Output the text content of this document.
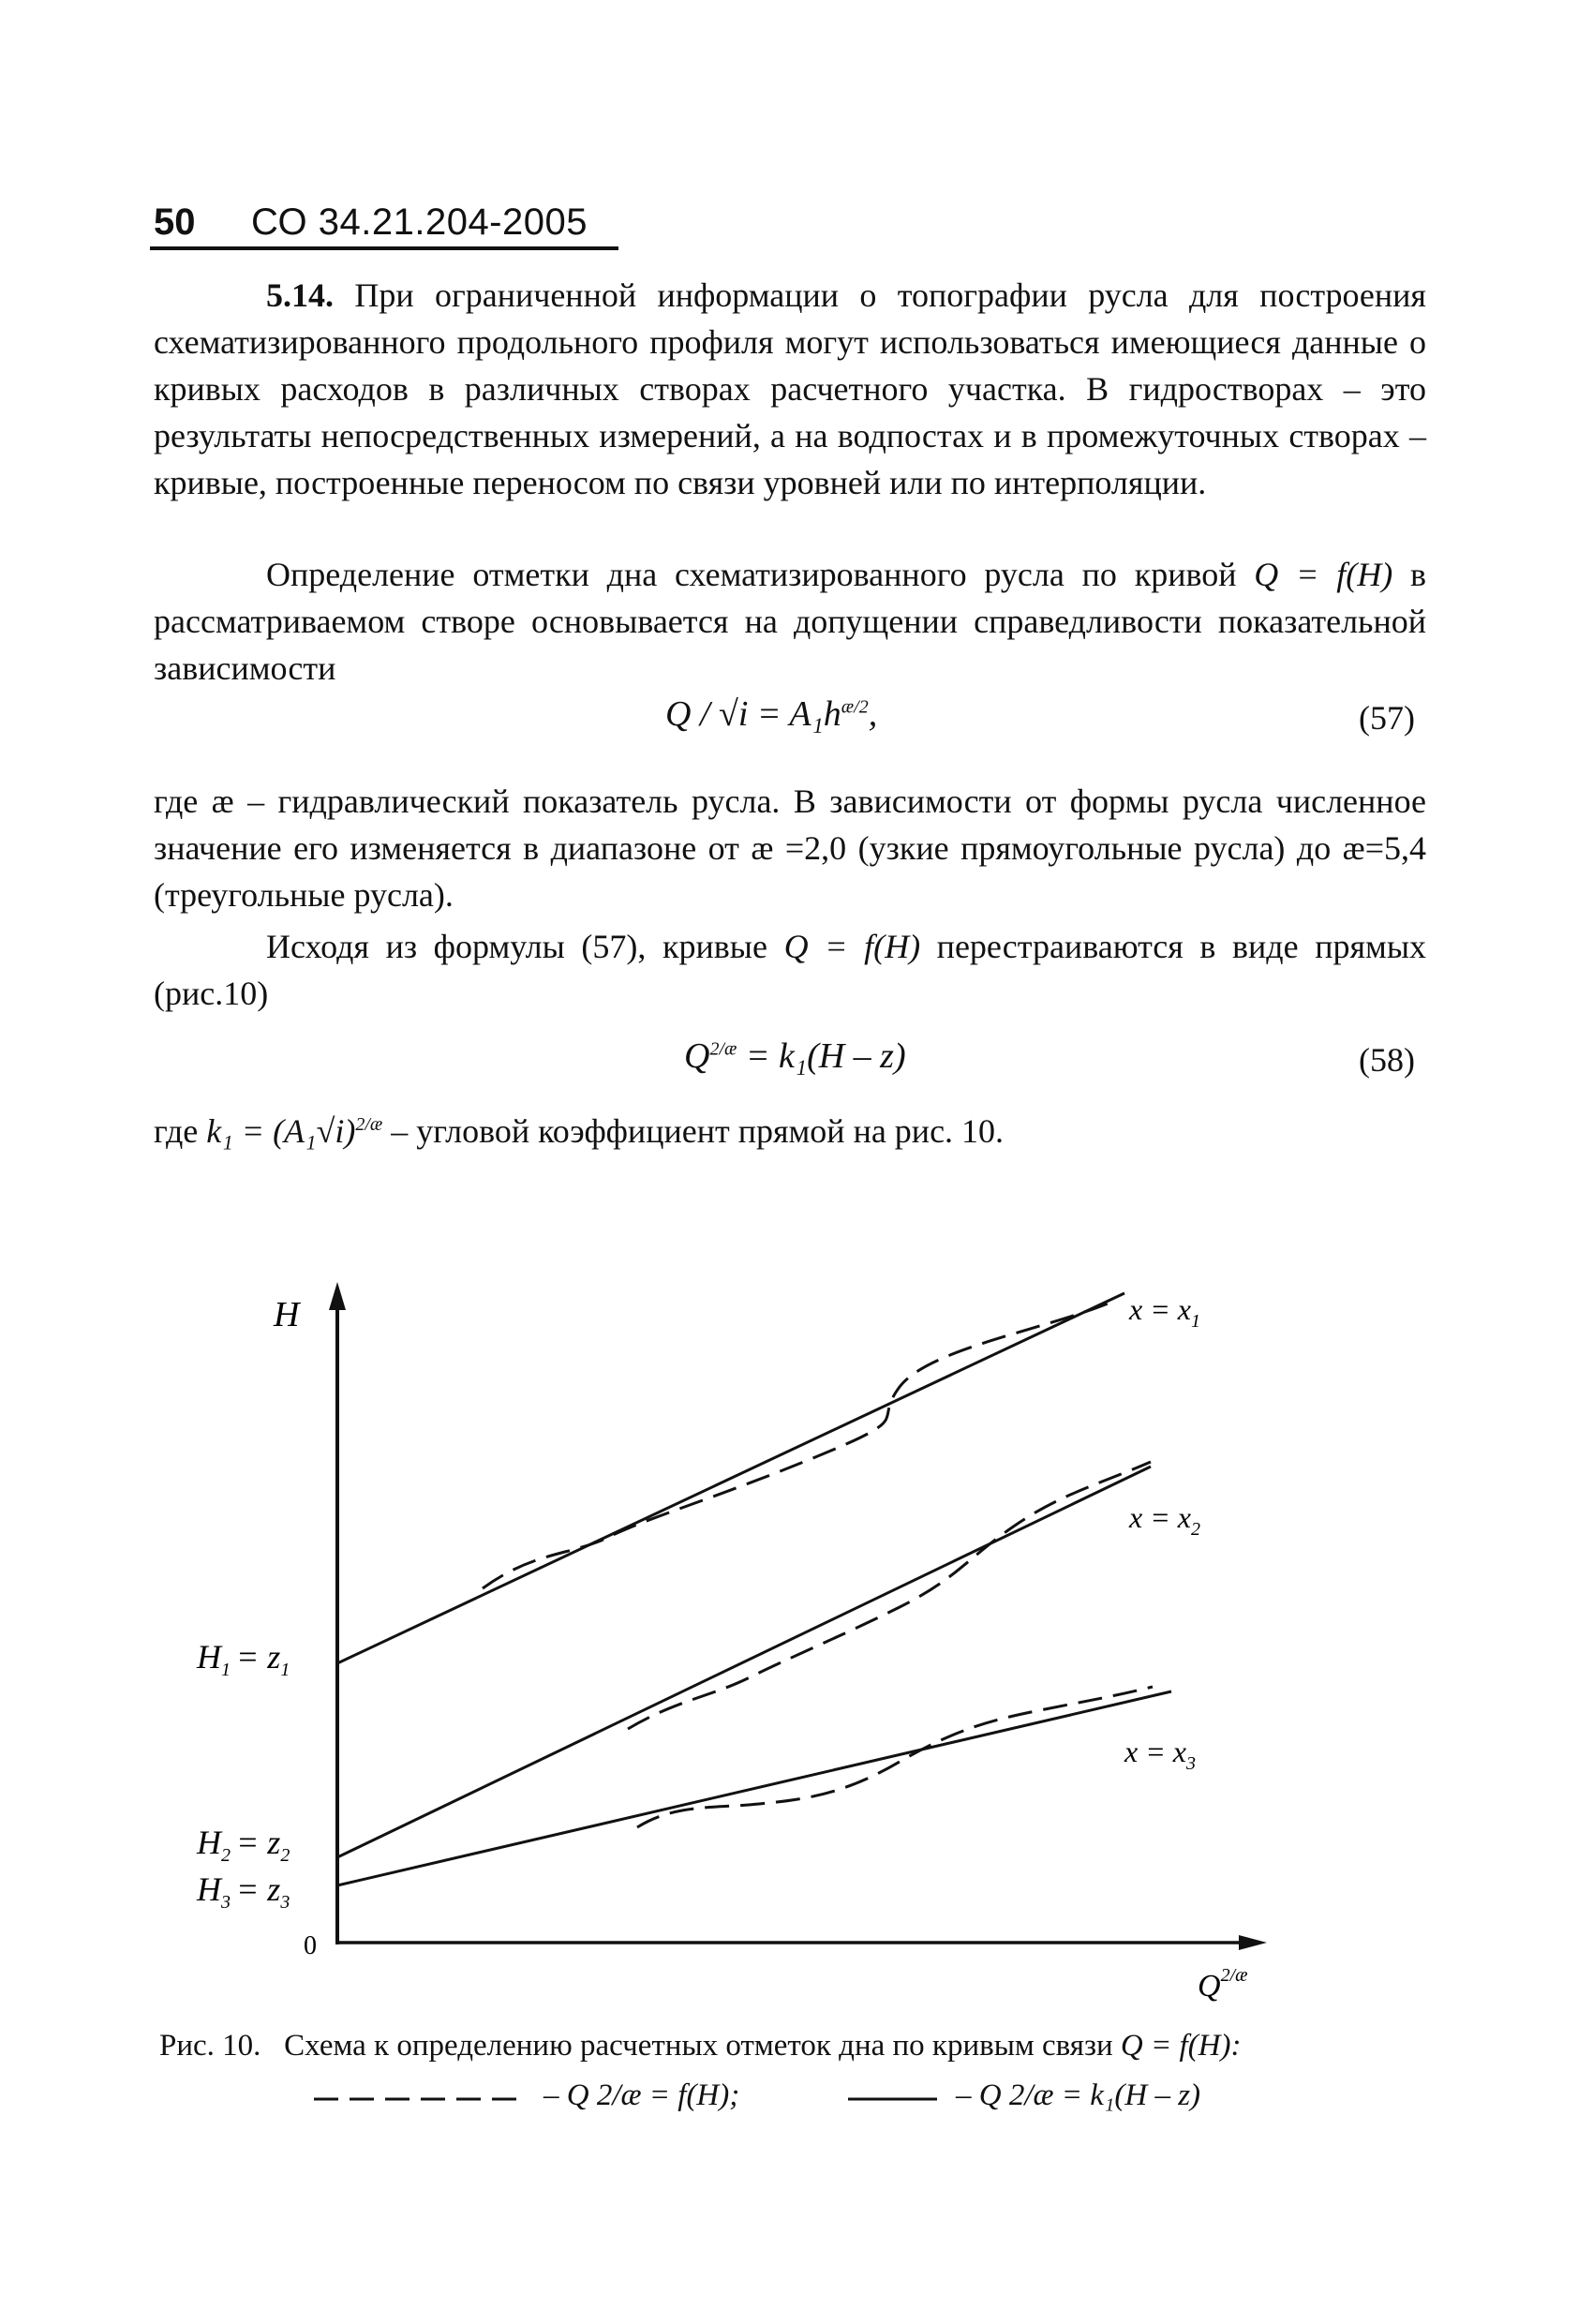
50 СО 34.21.204-2005
5.14. При ограниченной информации о топографии русла для построения схематизированного продольного профиля могут использоваться имеющиеся данные о кривых расходов в различных створах расчетного участка. В гидростворах – это результаты непосредственных измерений, а на водпостах и в промежуточных створах – кривые, построенные переносом по связи уровней или по интерполяции.
Определение отметки дна схематизированного русла по кривой Q = f(H) в рассматриваемом створе основывается на допущении справедливости показательной зависимости
$Q / √i = A_1h^{æ/2}$,	(57)
где æ – гидравлический показатель русла. В зависимости от формы русла численное значение его изменяется в диапазоне от æ =2,0 (узкие прямоугольные русла) до æ=5,4 (треугольные русла).
Исходя из формулы (57), кривые Q = f(H) перестраиваются в виде прямых (рис.10)
$Q^{2/æ} = k_1(H - z)$	(58)
где $k_1 = (A_1√i)^{2/æ}$ – угловой коэффициент прямой на рис. 10.
H
0
$Q^{2/æ}$
$x = x_1$
$x = x_2$
$x = x_3$
$H_1 = z_1$
$H_2 = z_2$
$H_3 = z_3$
Рис. 10. Схема к определению расчетных отметок дна по кривым связи Q = f(H):
– Q 2/æ = f(H);	– Q 2/æ = k₁(H – z)
